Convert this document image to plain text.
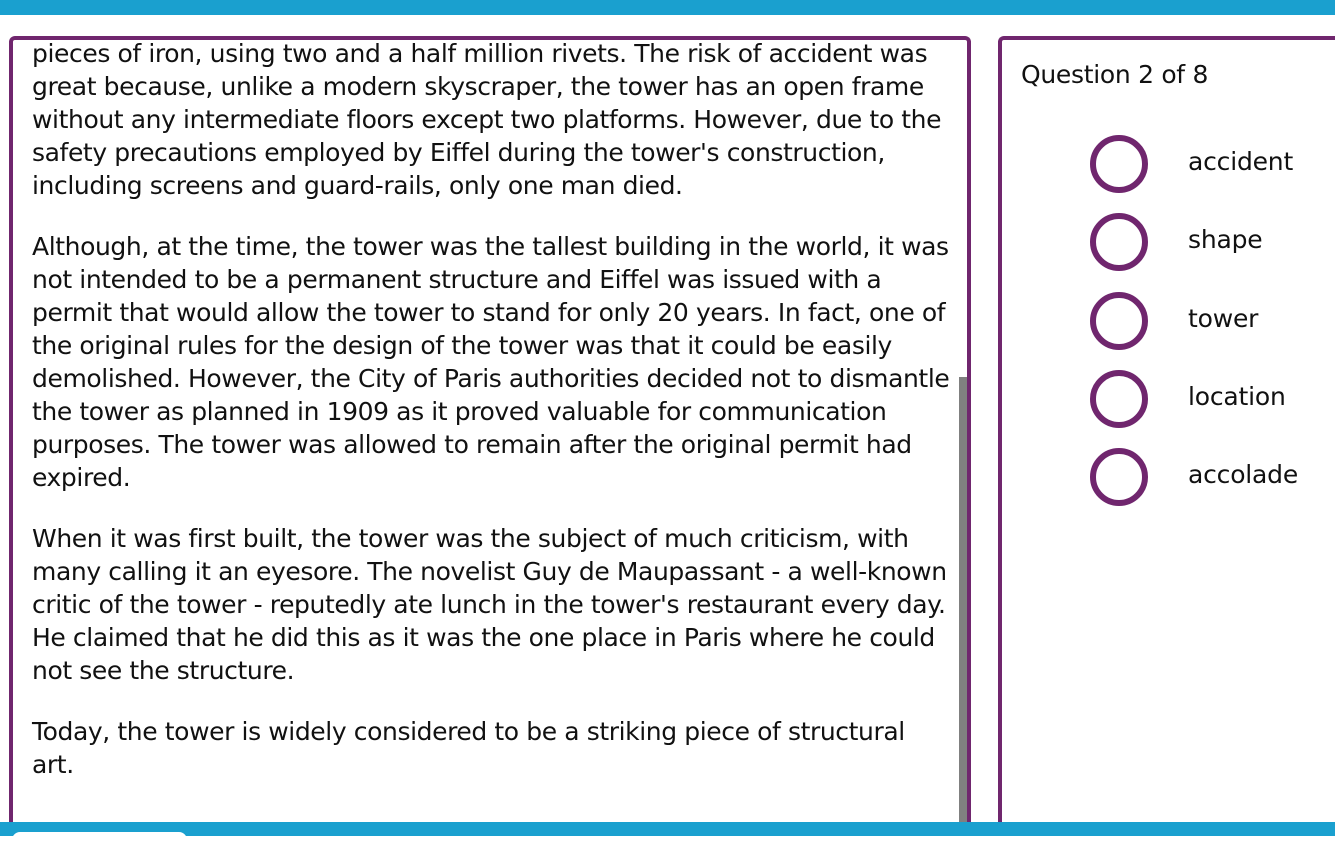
pieces of iron, using two and a half million rivets. The risk of accident was great because, unlike a modern skyscraper, the tower has an open frame without any intermediate floors except two platforms. However, due to the safety precautions employed by Eiffel during the tower's construction, including screens and guard-rails, only one man died.

Although, at the time, the tower was the tallest building in the world, it was not intended to be a permanent structure and Eiffel was issued with a permit that would allow the tower to stand for only 20 years. In fact, one of the original rules for the design of the tower was that it could be easily demolished. However, the City of Paris authorities decided not to dismantle the tower as planned in 1909 as it proved valuable for communication purposes. The tower was allowed to remain after the original permit had expired.

When it was first built, the tower was the subject of much criticism, with many calling it an eyesore. The novelist Guy de Maupassant - a well-known critic of the tower - reputedly ate lunch in the tower's restaurant every day. He claimed that he did this as it was the one place in Paris where he could not see the structure.

Today, the tower is widely considered to be a striking piece of structural art.

Question 2 of 8
accident
shape
tower
location
accolade
